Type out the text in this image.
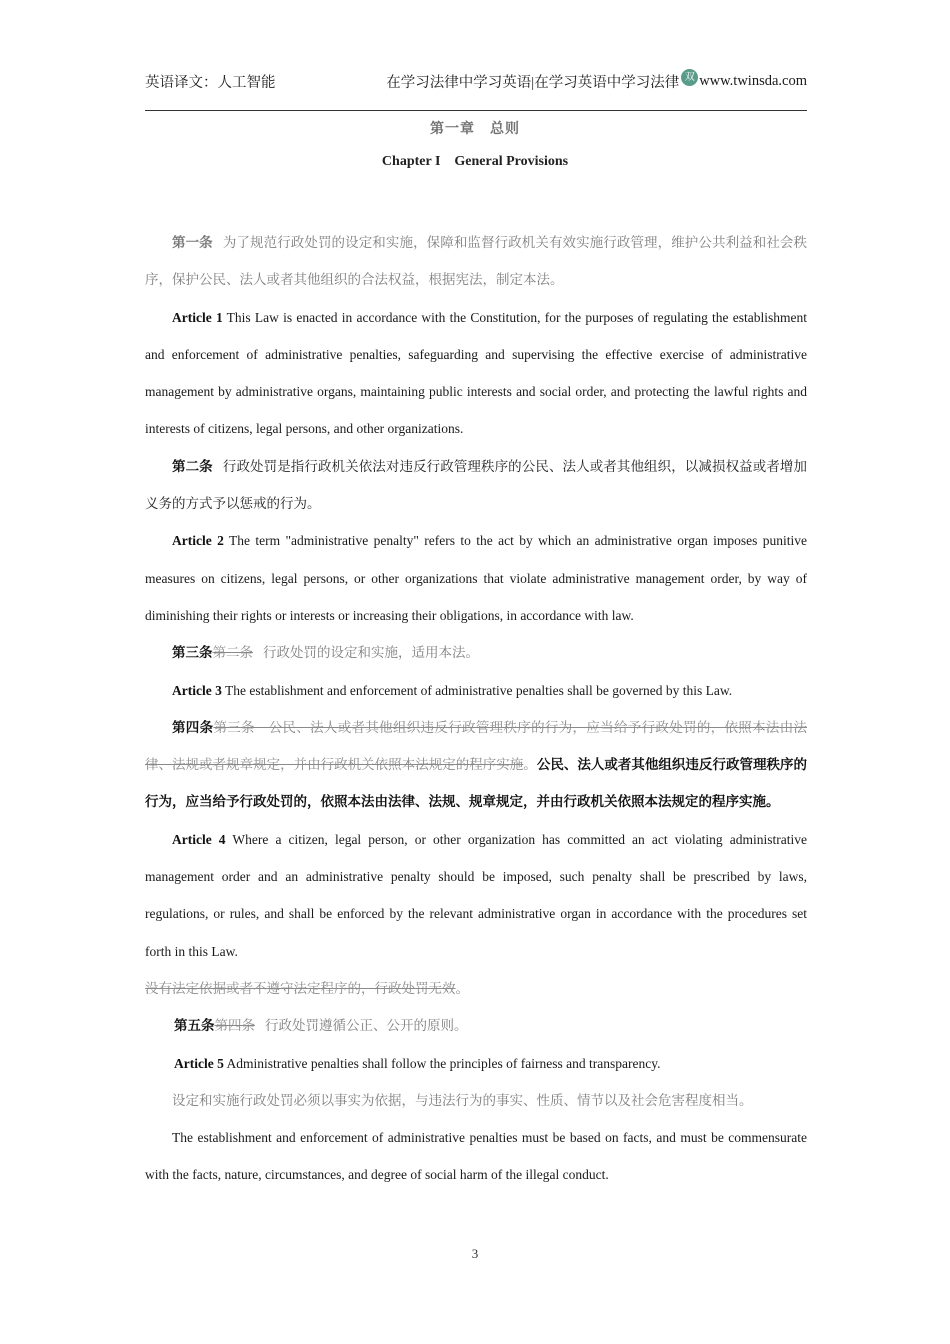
英语译文：人工智能	在学习法律中学习英语|在学习英语中学习法律 双 www.twinsda.com
第一章　总则
Chapter I　General Provisions

第一条 为了规范行政处罚的设定和实施，保障和监督行政机关有效实施行政管理，维护公共利益和社会秩序，保护公民、法人或者其他组织的合法权益，根据宪法，制定本法。

Article 1 This Law is enacted in accordance with the Constitution, for the purposes of regulating the establishment and enforcement of administrative penalties, safeguarding and supervising the effective exercise of administrative management by administrative organs, maintaining public interests and social order, and protecting the lawful rights and interests of citizens, legal persons, and other organizations.

第二条 行政处罚是指行政机关依法对违反行政管理秩序的公民、法人或者其他组织，以减损权益或者增加义务的方式予以惩戒的行为。

Article 2 The term "administrative penalty" refers to the act by which an administrative organ imposes punitive measures on citizens, legal persons, or other organizations that violate administrative management order, by way of diminishing their rights or interests or increasing their obligations, in accordance with law.

第三条第二条 行政处罚的设定和实施，适用本法。

Article 3 The establishment and enforcement of administrative penalties shall be governed by this Law.

第四条第三条　公民、法人或者其他组织违反行政管理秩序的行为，应当给予行政处罚的，依照本法由法律、法规或者规章规定，并由行政机关依照本法规定的程序实施。公民、法人或者其他组织违反行政管理秩序的行为，应当给予行政处罚的，依照本法由法律、法规、规章规定，并由行政机关依照本法规定的程序实施。

Article 4 Where a citizen, legal person, or other organization has committed an act violating administrative management order and an administrative penalty should be imposed, such penalty shall be prescribed by laws, regulations, or rules, and shall be enforced by the relevant administrative organ in accordance with the procedures set forth in this Law.

没有法定依据或者不遵守法定程序的，行政处罚无效。

第五条第四条 行政处罚遵循公正、公开的原则。

Article 5 Administrative penalties shall follow the principles of fairness and transparency.

设定和实施行政处罚必须以事实为依据，与违法行为的事实、性质、情节以及社会危害程度相当。

The establishment and enforcement of administrative penalties must be based on facts, and must be commensurate with the facts, nature, circumstances, and degree of social harm of the illegal conduct.

3
